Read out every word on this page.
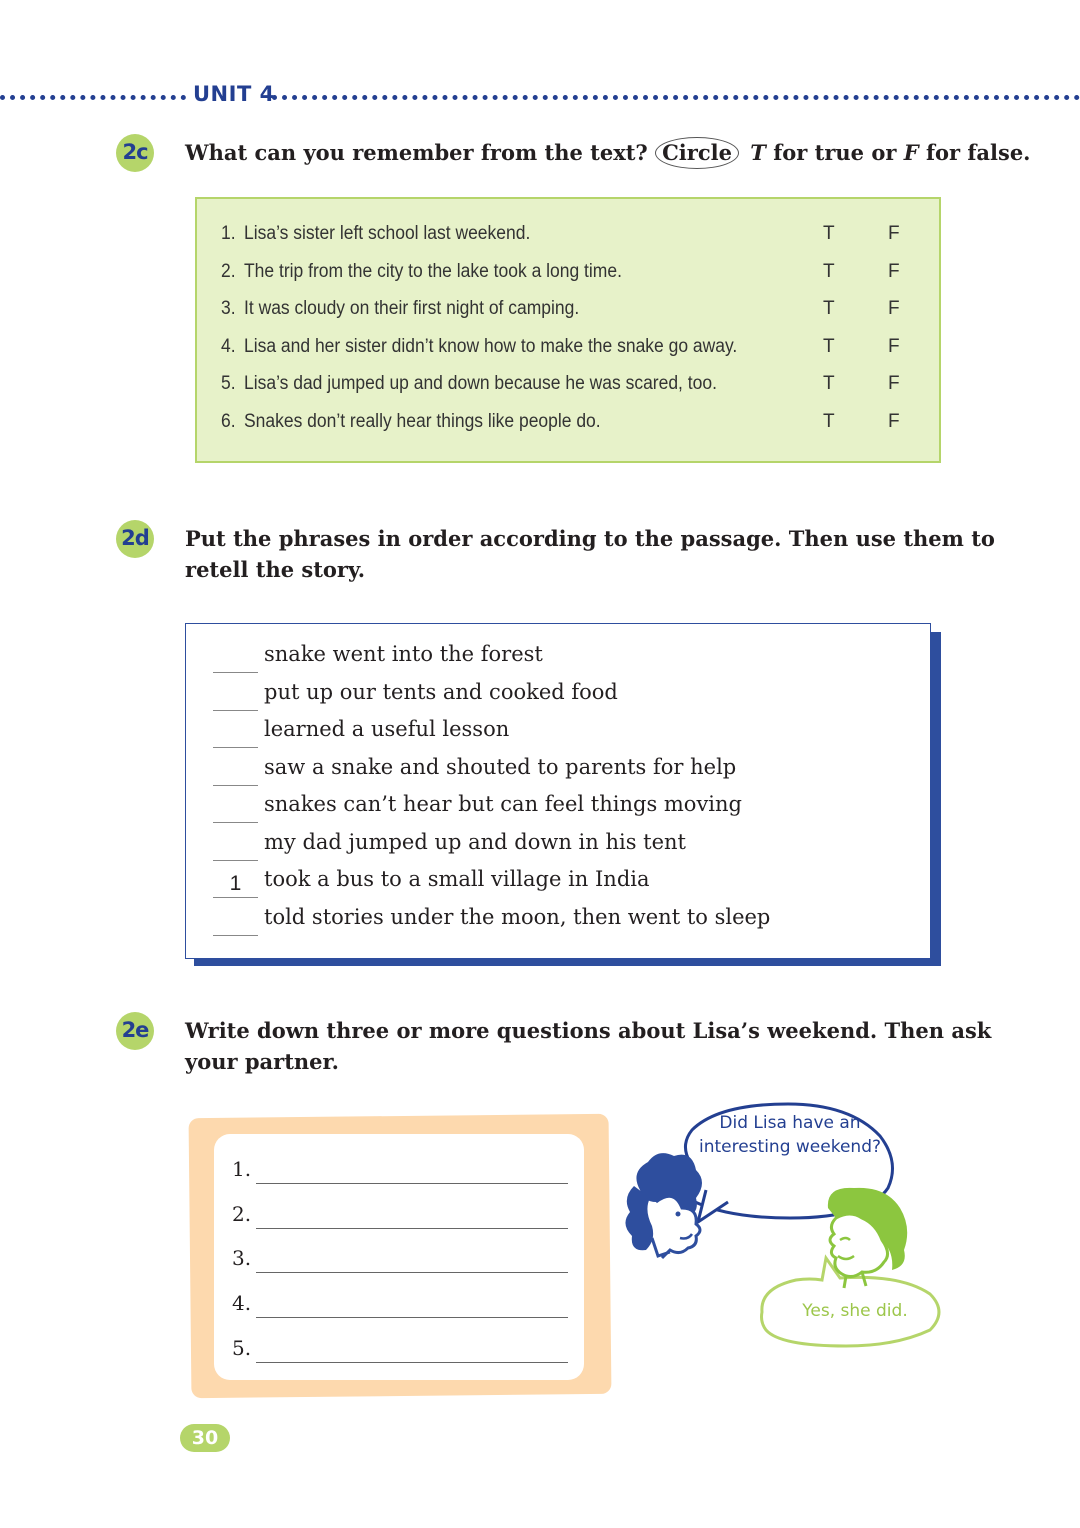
UNIT 4
2c	What can you remember from the text? Circle T for true or F for false.
1. Lisa’s sister left school last weekend.	T	F
2. The trip from the city to the lake took a long time.	T	F
3. It was cloudy on their first night of camping.	T	F
4. Lisa and her sister didn’t know how to make the snake go away.	T	F
5. Lisa’s dad jumped up and down because he was scared, too.	T	F
6. Snakes don’t really hear things like people do.	T	F
2d Put the phrases in order according to the passage. Then use them to
retell the story.
snake went into the forest
put up our tents and cooked food
learned a useful lesson
saw a snake and shouted to parents for help
snakes can’t hear but can feel things moving
my dad jumped up and down in his tent
1	took a bus to a small village in India
told stories under the moon, then went to sleep
2e Write down three or more questions about Lisa’s weekend. Then ask
your partner.
1.
2.
3.
4.
5.
Did Lisa have an
interesting weekend?
Yes, she did.
30
